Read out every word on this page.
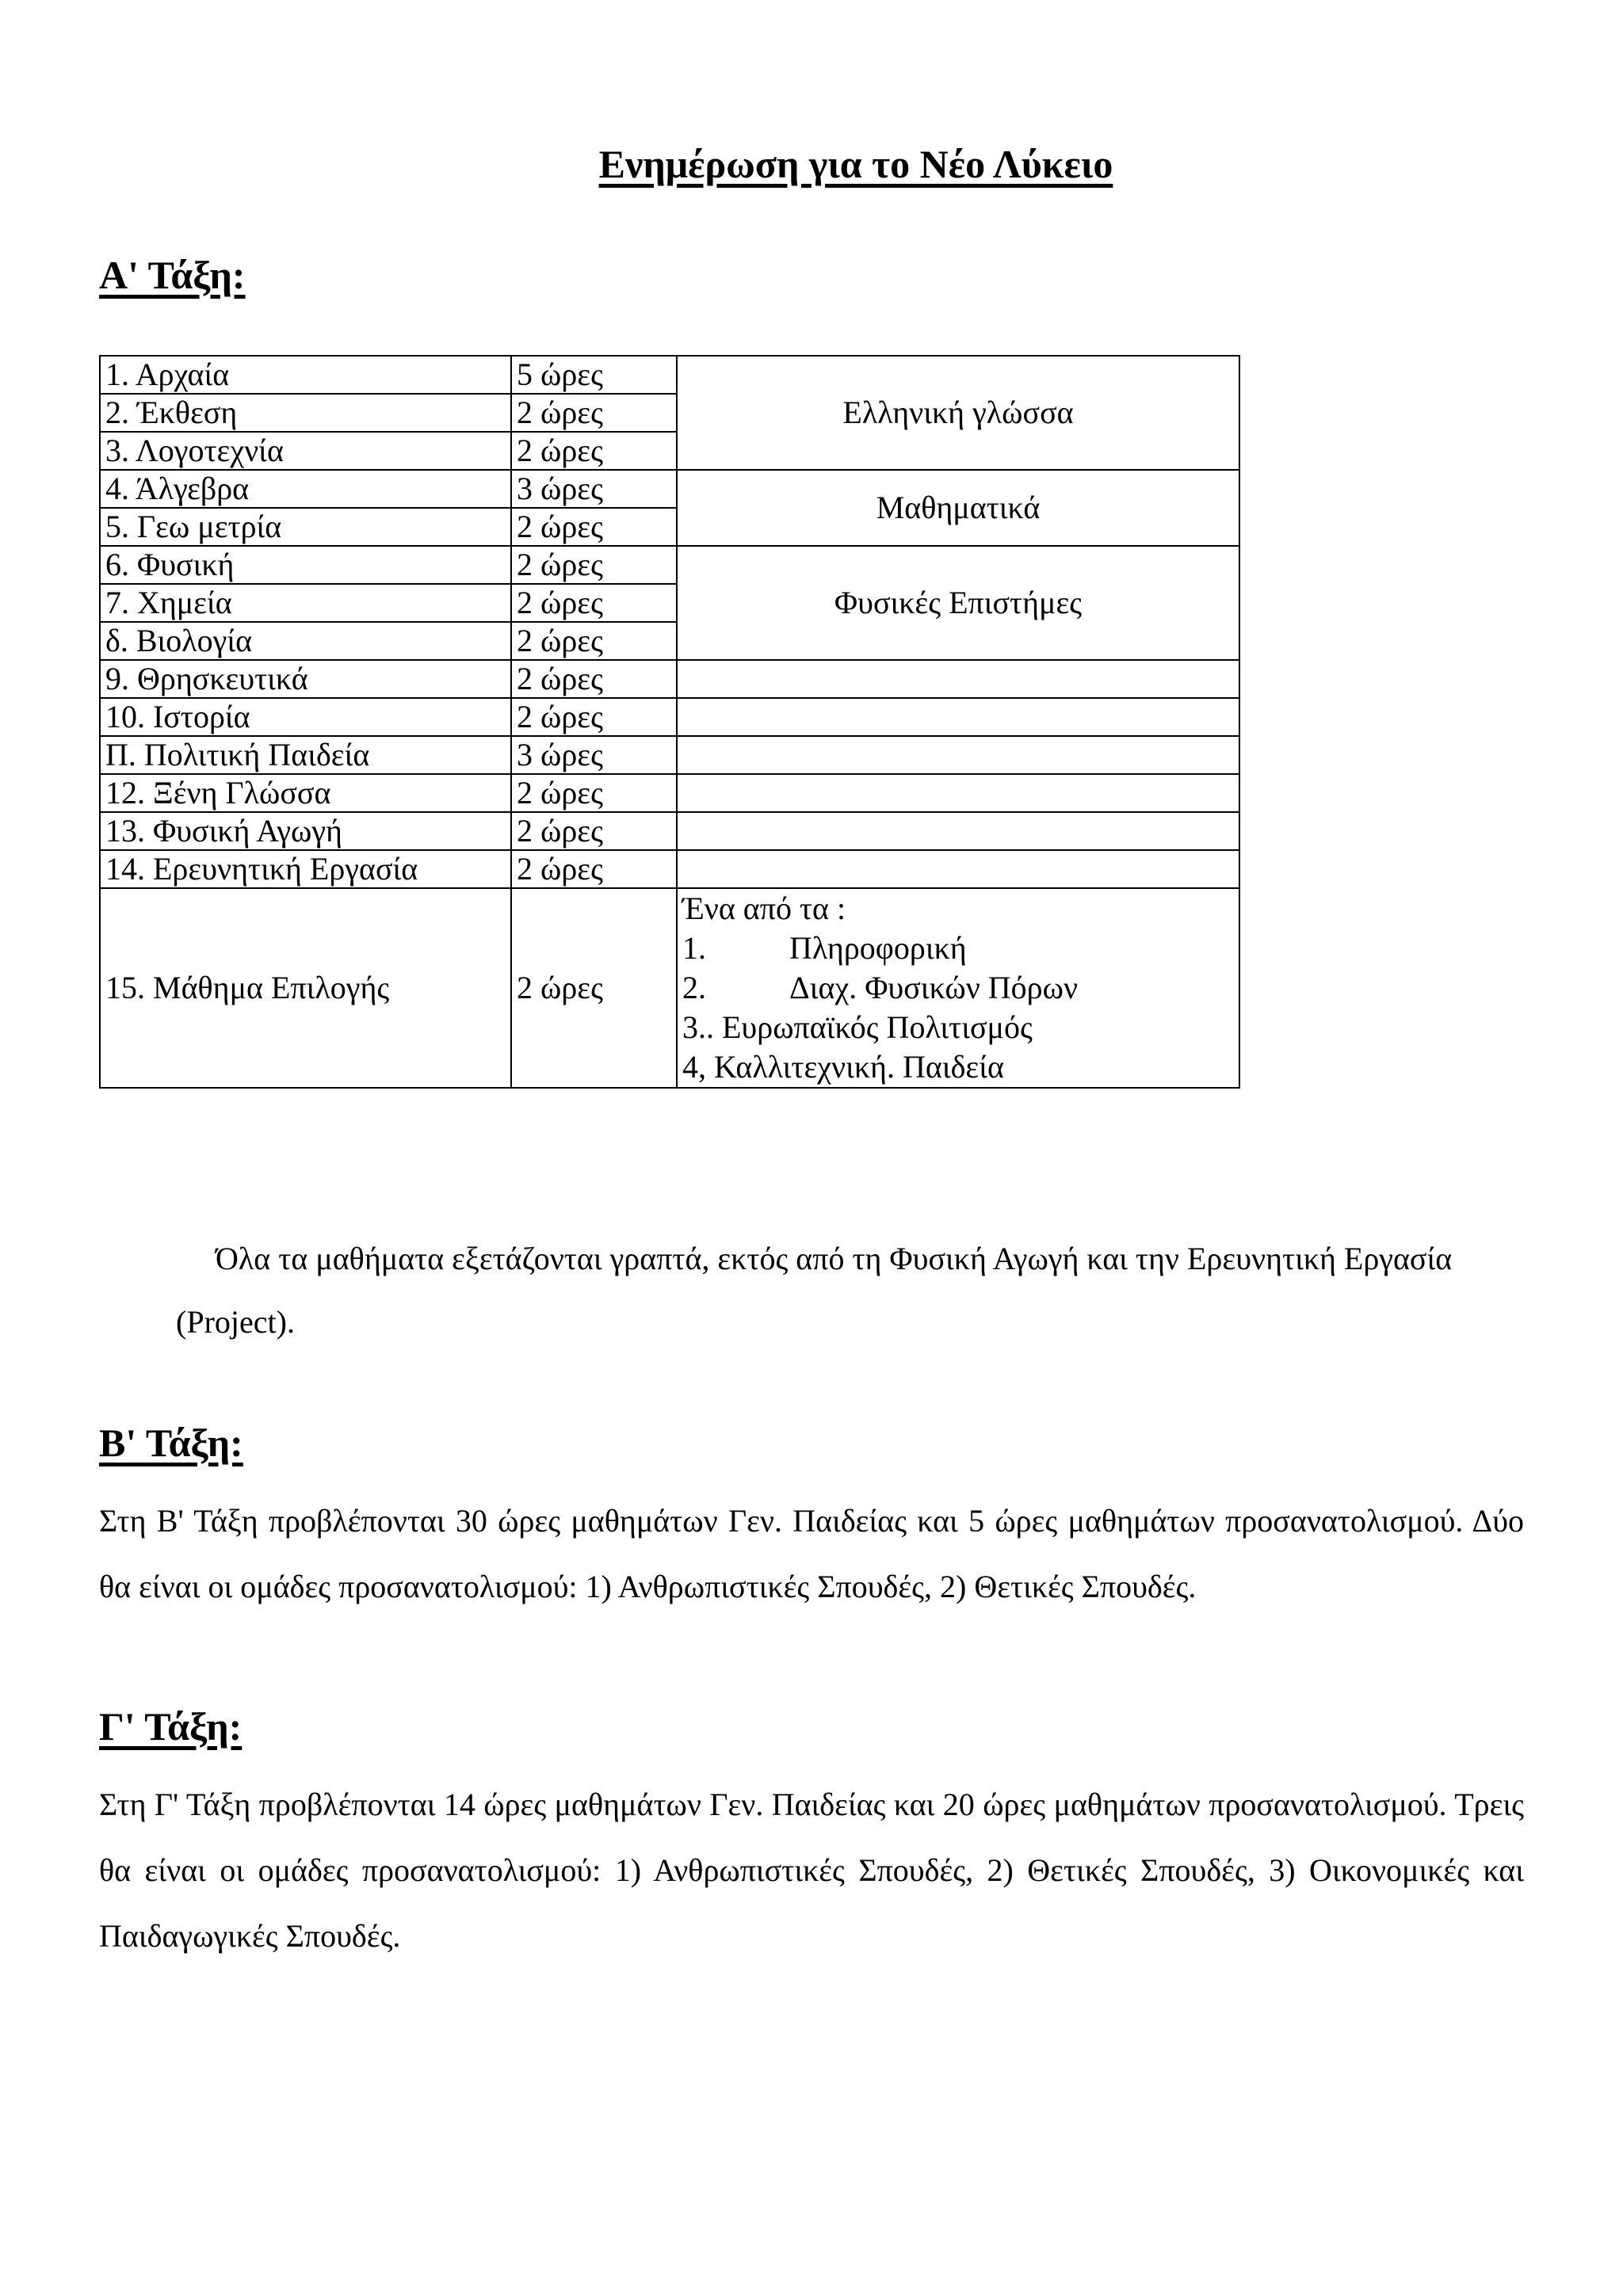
Ενημέρωση για το Νέο Λύκειο
Α' Τάξη:
1. Αρχαία	5 ώρες	Ελληνική γλώσσα
2. Έκθεση	2 ώρες	
3. Λογοτεχνία	2 ώρες	
4. Άλγεβρα	3 ώρες	Μαθηματικά
5. Γεω μετρία	2 ώρες	
6. Φυσική	2 ώρες	Φυσικές Επιστήμες
7. Χημεία	2 ώρες	
δ. Βιολογία	2 ώρες	
9. Θρησκευτικά	2 ώρες	
10. Ιστορία	2 ώρες	
Π. Πολιτική Παιδεία	3 ώρες	
12. Ξένη Γλώσσα	2 ώρες	
13. Φυσική Αγωγή	2 ώρες	
14. Ερευνητική Εργασία	2 ώρες	
15. Μάθημα Επιλογής	2 ώρες	Ένα από τα :
1. Πληροφορική
2. Διαχ. Φυσικών Πόρων
3.. Ευρωπαϊκός Πολιτισμός
4, Καλλιτεχνική. Παιδεία

Όλα τα μαθήματα εξετάζονται γραπτά, εκτός από τη Φυσική Αγωγή και την Ερευνητική Εργασία

(Project).

Β' Τάξη:

Στη Β' Τάξη προβλέπονται 30 ώρες μαθημάτων Γεν. Παιδείας και 5 ώρες μαθημάτων προσανατολισμού. Δύο θα είναι οι ομάδες προσανατολισμού: 1) Ανθρωπιστικές Σπουδές, 2) Θετικές Σπουδές.

Γ' Τάξη:

Στη Γ' Τάξη προβλέπονται 14 ώρες μαθημάτων Γεν. Παιδείας και 20 ώρες μαθημάτων προσανατολισμού. Τρεις θα είναι οι ομάδες προσανατολισμού: 1) Ανθρωπιστικές Σπουδές, 2) Θετικές Σπουδές, 3) Οικονομικές και Παιδαγωγικές Σπουδές.
